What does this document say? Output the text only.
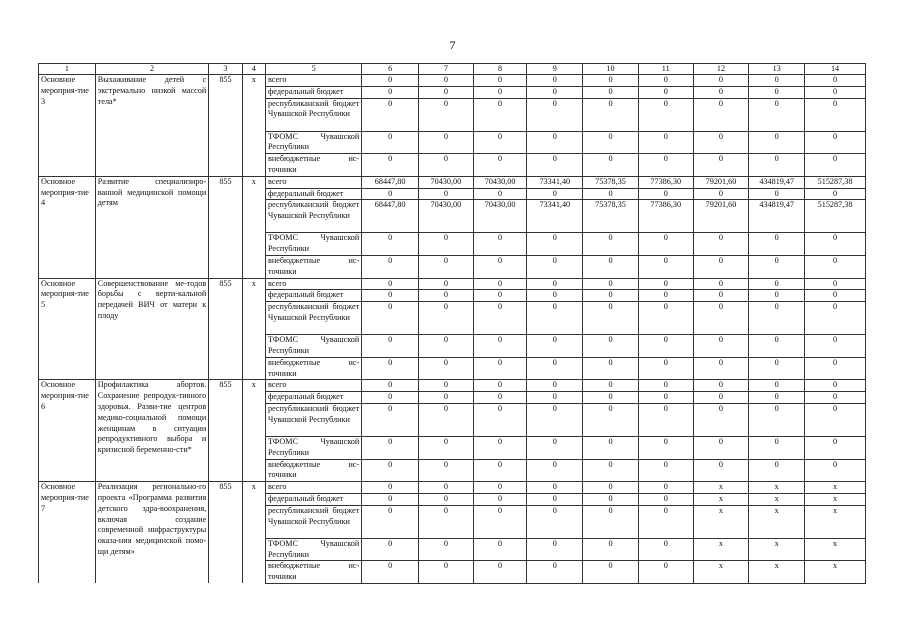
7
1	2	3	4	5	6	7	8	9	10	11	12	13	14
Основное мероприя-тие 3	Выхаживание детей с экстремально низкой массой тела*	855	x	всего	0	0	0	0	0	0	0	0	0
				федеральный бюджет	0	0	0	0	0	0	0	0	0
				республиканский бюджет Чувашской Республики	0	0	0	0	0	0	0	0	0
				ТФОМС Чувашской Республики	0	0	0	0	0	0	0	0	0
				внебюджетные ис-точники	0	0	0	0	0	0	0	0	0
Основное мероприя-тие 4	Развитие специализиро-ванной медицинской помощи детям	855	x	всего	68447,80	70430,00	70430,00	73341,40	75378,35	77386,30	79201,60	434819,47	515287,38
				федеральный бюджет	0	0	0	0	0	0	0	0	0
				республиканский бюджет Чувашской Республики	68447,80	70430,00	70430,00	73341,40	75378,35	77386,30	79201,60	434819,47	515287,38
				ТФОМС Чувашской Республики	0	0	0	0	0	0	0	0	0
				внебюджетные ис-точники	0	0	0	0	0	0	0	0	0
Основное мероприя-тие 5	Совершенствование ме-тодов борьбы с верти-кальной передачей ВИЧ от матери к плоду	855	x	всего	0	0	0	0	0	0	0	0	0
				федеральный бюджет	0	0	0	0	0	0	0	0	0
				республиканский бюджет Чувашской Республики	0	0	0	0	0	0	0	0	0
				ТФОМС Чувашской Республики	0	0	0	0	0	0	0	0	0
				внебюджетные ис-точники	0	0	0	0	0	0	0	0	0
Основное мероприя-тие 6	Профилактика абортов. Сохранение репродук-тивного здоровья. Разви-тие центров медико-социальной помощи женщинам в ситуации репродуктивного выбора и кризисной беременно-сти*	855	x	всего	0	0	0	0	0	0	0	0	0
				федеральный бюджет	0	0	0	0	0	0	0	0	0
				республиканский бюджет Чувашской Республики	0	0	0	0	0	0	0	0	0
				ТФОМС Чувашской Республики	0	0	0	0	0	0	0	0	0
				внебюджетные ис-точники	0	0	0	0	0	0	0	0	0
Основное мероприя-тие 7	Реализация регионально-го проекта «Программа развития детского здра-воохранения, включая создание современной инфраструктуры оказа-ния медицинской помо-щи детям»	855	x	всего	0	0	0	0	0	0	x	x	x
				федеральный бюджет	0	0	0	0	0	0	x	x	x
				республиканский бюджет Чувашской Республики	0	0	0	0	0	0	x	x	x
				ТФОМС Чувашской Республики	0	0	0	0	0	0	x	x	x
				внебюджетные ис-точники	0	0	0	0	0	0	x	x	x
